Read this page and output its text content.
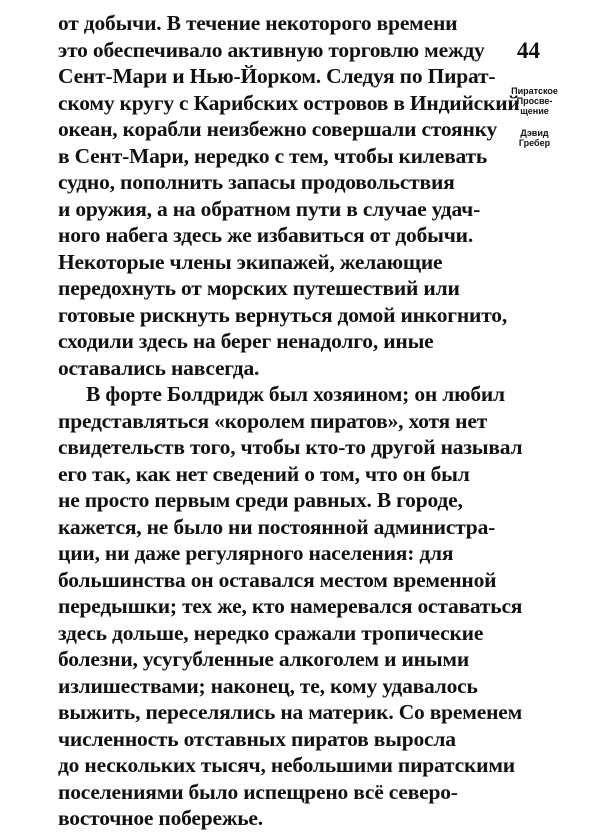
от добычи. В течение некоторого времени
это обеспечивало активную торговлю между
Сент-Мари и Нью-Йорком. Следуя по Пират-
скому кругу с Карибских островов в Индийский
океан, корабли неизбежно совершали стоянку
в Сент-Мари, нередко с тем, чтобы килевать
судно, пополнить запасы продовольствия
и оружия, а на обратном пути в случае удач-
ного набега здесь же избавиться от добычи.
Некоторые члены экипажей, желающие
передохнуть от морских путешествий или
готовые рискнуть вернуться домой инкогнито,
сходили здесь на берег ненадолго, иные
оставались навсегда.
В форте Болдридж был хозяином; он любил
представляться «королем пиратов», хотя нет
свидетельств того, чтобы кто-то другой называл
его так, как нет сведений о том, что он был
не просто первым среди равных. В городе,
кажется, не было ни постоянной администра-
ции, ни даже регулярного населения: для
большинства он оставался местом временной
передышки; тех же, кто намеревался оставаться
здесь дольше, нередко сражали тропические
болезни, усугубленные алкоголем и иными
излишествами; наконец, те, кому удавалось
выжить, переселялись на материк. Со временем
численность отставных пиратов выросла
до нескольких тысяч, небольшими пиратскими
поселениями было испещрено всё северо-
восточное побережье.
44
Пиратское
Просве-
щение
Дэвид
Гребер
